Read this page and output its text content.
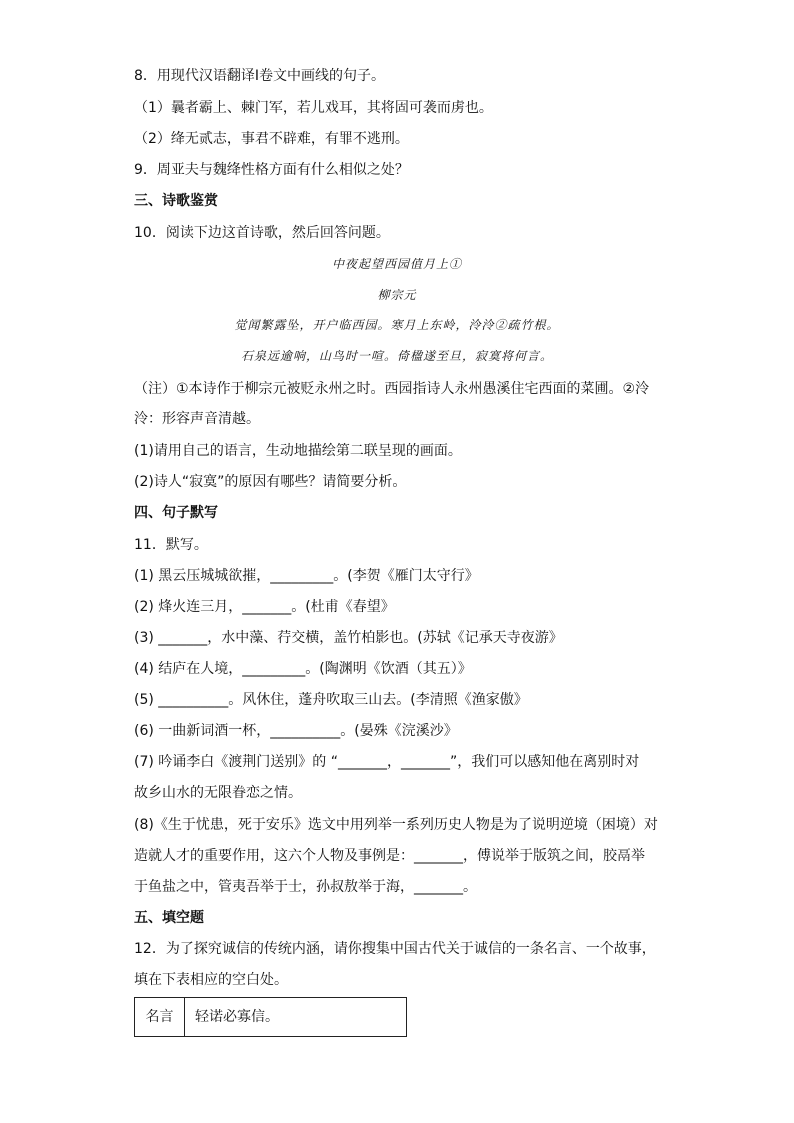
8．用现代汉语翻译Ⅰ卷文中画线的句子。
（1）曩者霸上、棘门军，若儿戏耳，其将固可袭而虏也。
（2）绛无贰志，事君不辟难，有罪不逃刑。
9．周亚夫与魏绛性格方面有什么相似之处？
三、诗歌鉴赏
10．阅读下边这首诗歌，然后回答问题。
中夜起望西园值月上①
柳宗元
觉闻繁露坠，开户临西园。寒月上东岭，泠泠②疏竹根。
石泉远逾响，山鸟时一喧。倚楹遂至旦，寂寞将何言。
（注）①本诗作于柳宗元被贬永州之时。西园指诗人永州愚溪住宅西面的菜圃。②泠
泠：形容声音清越。
(1)请用自己的语言，生动地描绘第二联呈现的画面。
(2)诗人“寂寞”的原因有哪些？请简要分析。
四、句子默写
11．默写。
(1) 黑云压城城欲摧，_________。(李贺《雁门太守行》
(2) 烽火连三月，_______。(杜甫《春望》
(3) _______，水中藻、荇交横，盖竹柏影也。(苏轼《记承天寺夜游》
(4) 结庐在人境，_________。(陶渊明《饮酒（其五）》
(5) __________。风休住，蓬舟吹取三山去。(李清照《渔家傲》
(6) 一曲新词酒一杯，__________。(晏殊《浣溪沙》
(7) 吟诵李白《渡荆门送别》的 “_______，_______”，我们可以感知他在离别时对
故乡山水的无限眷恋之情。
(8)《生于忧患，死于安乐》选文中用列举一系列历史人物是为了说明逆境（困境）对
造就人才的重要作用，这六个人物及事例是：_______，傅说举于版筑之间，胶鬲举
于鱼盐之中，管夷吾举于士，孙叔敖举于海，_______。
五、填空题
12．为了探究诚信的传统内涵，请你搜集中国古代关于诚信的一条名言、一个故事，
填在下表相应的空白处。
名言	轻诺必寡信。
